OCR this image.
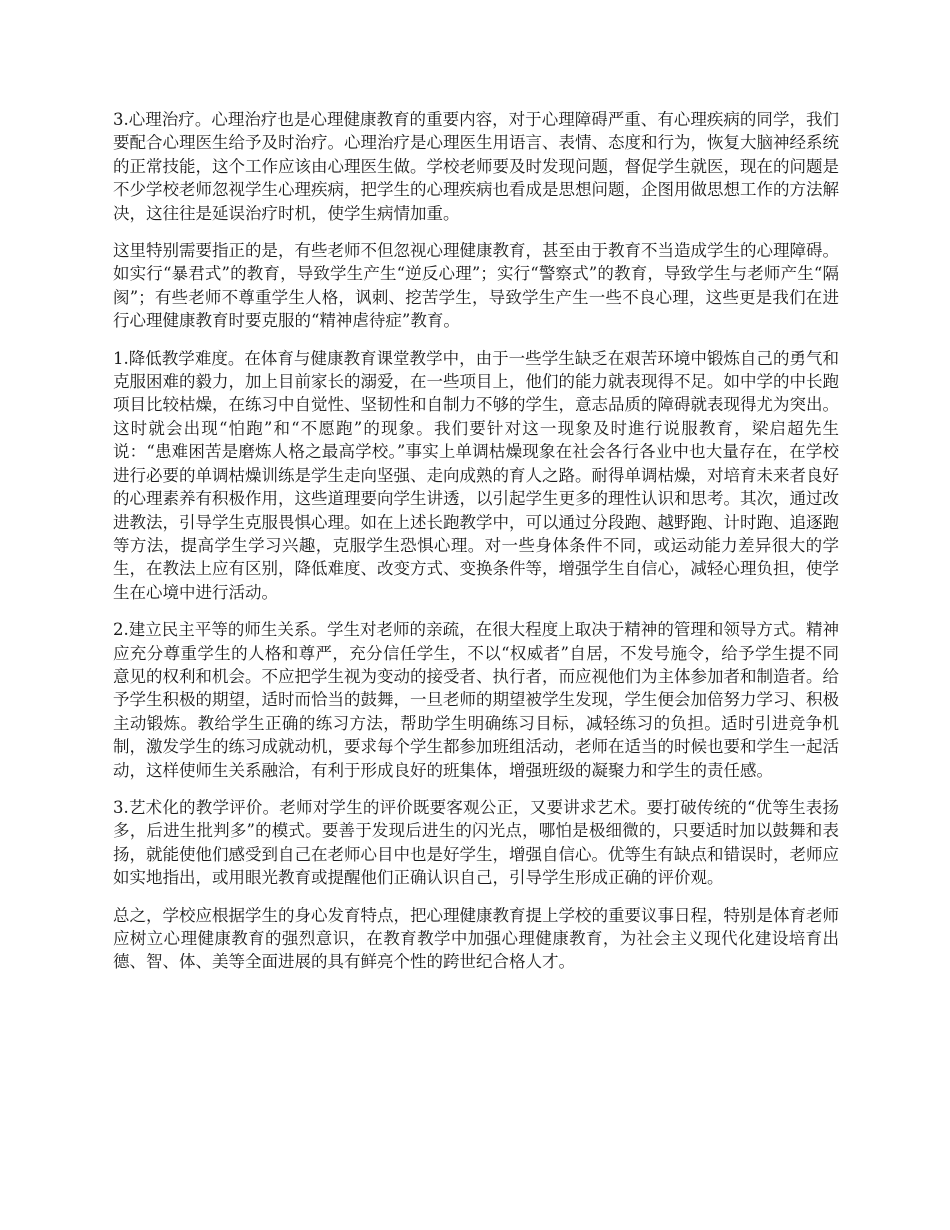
3.心理治疗。心理治疗也是心理健康教育的重要内容，对于心理障碍严重、有心理疾病的同学，我们要配合心理医生给予及时治疗。心理治疗是心理医生用语言、表情、态度和行为，恢复大脑神经系统的正常技能，这个工作应该由心理医生做。学校老师要及时发现问题，督促学生就医，现在的问题是不少学校老师忽视学生心理疾病，把学生的心理疾病也看成是思想问题，企图用做思想工作的方法解决，这往往是延误治疗时机，使学生病情加重。

这里特别需要指正的是，有些老师不但忽视心理健康教育，甚至由于教育不当造成学生的心理障碍。如实行“暴君式”的教育，导致学生产生“逆反心理”；实行“警察式”的教育，导致学生与老师产生“隔阂”；有些老师不尊重学生人格，讽刺、挖苦学生，导致学生产生一些不良心理，这些更是我们在进行心理健康教育时要克服的“精神虐待症”教育。

1.降低教学难度。在体育与健康教育课堂教学中，由于一些学生缺乏在艰苦环境中锻炼自己的勇气和克服困难的毅力，加上目前家长的溺爱，在一些项目上，他们的能力就表现得不足。如中学的中长跑项目比较枯燥，在练习中自觉性、坚韧性和自制力不够的学生，意志品质的障碍就表现得尤为突出。这时就会出现“怕跑”和“不愿跑”的现象。我们要针对这一现象及时進行说服教育，梁启超先生说：“患难困苦是磨炼人格之最高学校。”事实上单调枯燥现象在社会各行各业中也大量存在，在学校进行必要的单调枯燥训练是学生走向坚强、走向成熟的育人之路。耐得单调枯燥，对培育未来者良好的心理素养有积极作用，这些道理要向学生讲透，以引起学生更多的理性认识和思考。其次，通过改进教法，引导学生克服畏惧心理。如在上述长跑教学中，可以通过分段跑、越野跑、计时跑、追逐跑等方法，提高学生学习兴趣，克服学生恐惧心理。对一些身体条件不同，或运动能力差异很大的学生，在教法上应有区别，降低难度、改变方式、变换条件等，增强学生自信心，减轻心理负担，使学生在心境中进行活动。

2.建立民主平等的师生关系。学生对老师的亲疏，在很大程度上取决于精神的管理和领导方式。精神应充分尊重学生的人格和尊严，充分信任学生，不以“权威者”自居，不发号施令，给予学生提不同意见的权利和机会。不应把学生视为变动的接受者、执行者，而应视他们为主体参加者和制造者。给予学生积极的期望，适时而恰当的鼓舞，一旦老师的期望被学生发现，学生便会加倍努力学习、积极主动锻炼。教给学生正确的练习方法，帮助学生明确练习目标，减轻练习的负担。适时引进竞争机制，激发学生的练习成就动机，要求每个学生都参加班组活动，老师在适当的时候也要和学生一起活动，这样使师生关系融洽，有利于形成良好的班集体，增强班级的凝聚力和学生的责任感。

3.艺术化的教学评价。老师对学生的评价既要客观公正，又要讲求艺术。要打破传统的“优等生表扬多，后进生批判多”的模式。要善于发现后进生的闪光点，哪怕是极细微的，只要适时加以鼓舞和表扬，就能使他们感受到自己在老师心目中也是好学生，增强自信心。优等生有缺点和错误时，老师应如实地指出，或用眼光教育或提醒他们正确认识自己，引导学生形成正确的评价观。

总之，学校应根据学生的身心发育特点，把心理健康教育提上学校的重要议事日程，特别是体育老师应树立心理健康教育的强烈意识，在教育教学中加强心理健康教育，为社会主义现代化建设培育出德、智、体、美等全面进展的具有鲜亮个性的跨世纪合格人才。
